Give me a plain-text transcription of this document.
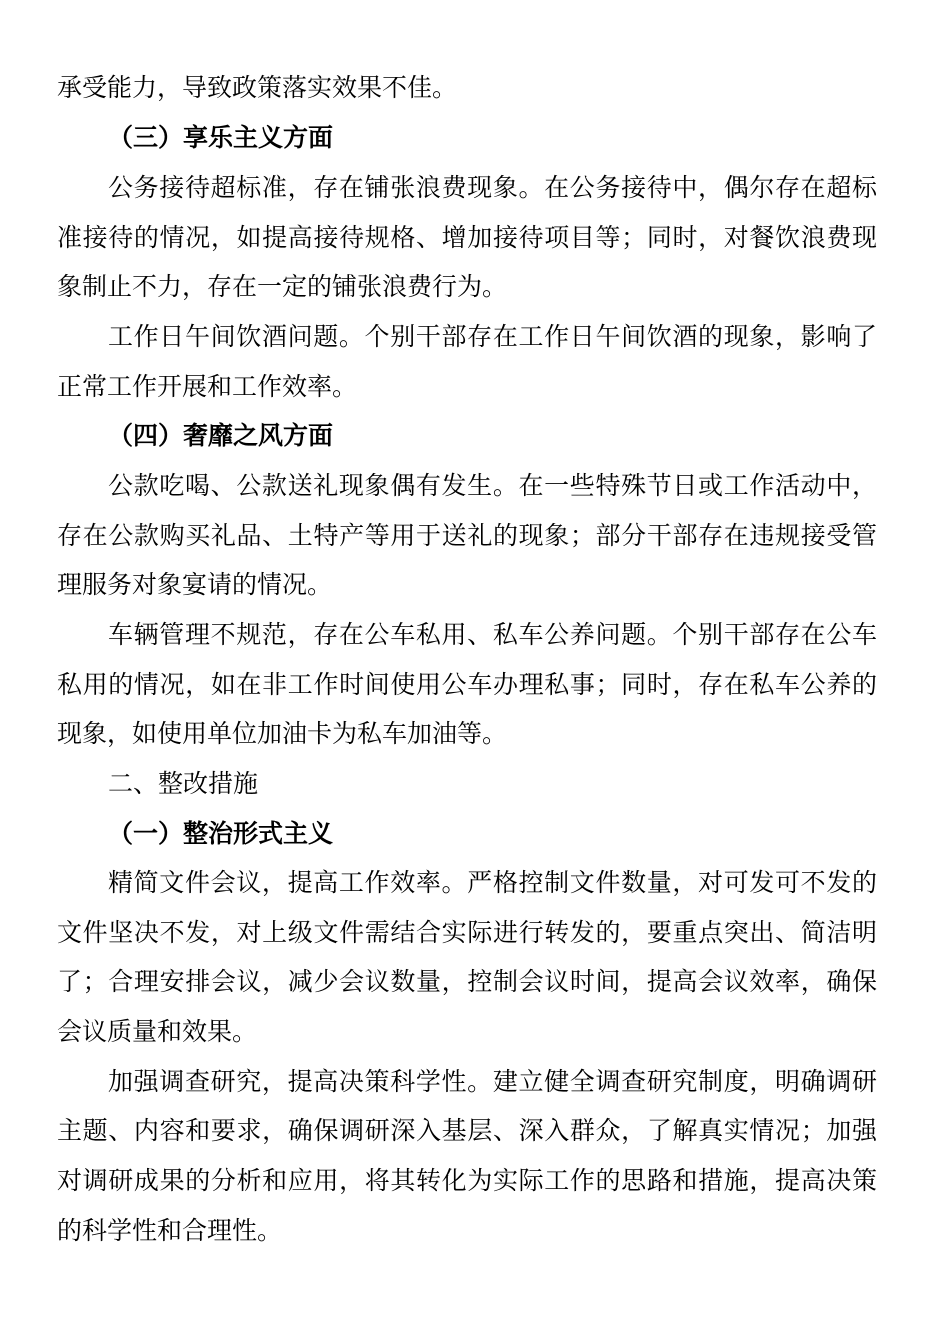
承受能力，导致政策落实效果不佳。
（三）享乐主义方面
公务接待超标准，存在铺张浪费现象。在公务接待中，偶尔存在超标
准接待的情况，如提高接待规格、增加接待项目等；同时，对餐饮浪费现
象制止不力，存在一定的铺张浪费行为。
工作日午间饮酒问题。个别干部存在工作日午间饮酒的现象，影响了
正常工作开展和工作效率。
（四）奢靡之风方面
公款吃喝、公款送礼现象偶有发生。在一些特殊节日或工作活动中，
存在公款购买礼品、土特产等用于送礼的现象；部分干部存在违规接受管
理服务对象宴请的情况。
车辆管理不规范，存在公车私用、私车公养问题。个别干部存在公车
私用的情况，如在非工作时间使用公车办理私事；同时，存在私车公养的
现象，如使用单位加油卡为私车加油等。
二、整改措施
（一）整治形式主义
精简文件会议，提高工作效率。严格控制文件数量，对可发可不发的
文件坚决不发，对上级文件需结合实际进行转发的，要重点突出、简洁明
了；合理安排会议，减少会议数量，控制会议时间，提高会议效率，确保
会议质量和效果。
加强调查研究，提高决策科学性。建立健全调查研究制度，明确调研
主题、内容和要求，确保调研深入基层、深入群众，了解真实情况；加强
对调研成果的分析和应用，将其转化为实际工作的思路和措施，提高决策
的科学性和合理性。
